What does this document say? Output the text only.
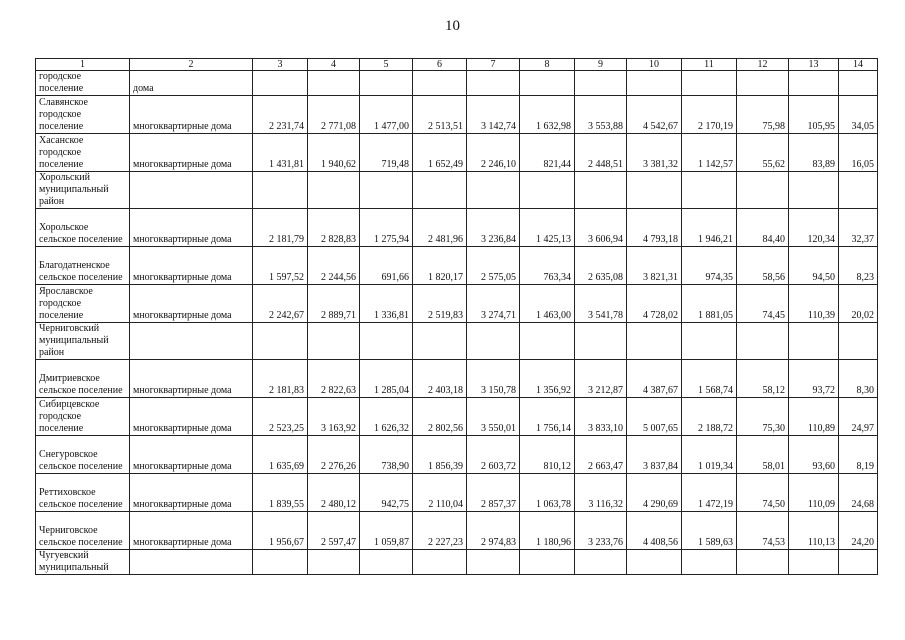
10
1	2	3	4	5	6	7	8	9	10	11	12	13	14
городское поселение	дома												
Славянское городское поселение	многоквартирные дома	2 231,74	2 771,08	1 477,00	2 513,51	3 142,74	1 632,98	3 553,88	4 542,67	2 170,19	75,98	105,95	34,05
Хасанское городское поселение	многоквартирные дома	1 431,81	1 940,62	719,48	1 652,49	2 246,10	821,44	2 448,51	3 381,32	1 142,57	55,62	83,89	16,05
Хорольский муниципальный район													
Хорольское сельское поселение	многоквартирные дома	2 181,79	2 828,83	1 275,94	2 481,96	3 236,84	1 425,13	3 606,94	4 793,18	1 946,21	84,40	120,34	32,37
Благодатненское сельское поселение	многоквартирные дома	1 597,52	2 244,56	691,66	1 820,17	2 575,05	763,34	2 635,08	3 821,31	974,35	58,56	94,50	8,23
Ярославское городское поселение	многоквартирные дома	2 242,67	2 889,71	1 336,81	2 519,83	3 274,71	1 463,00	3 541,78	4 728,02	1 881,05	74,45	110,39	20,02
Черниговский муниципальный район													
Дмитриевское сельское поселение	многоквартирные дома	2 181,83	2 822,63	1 285,04	2 403,18	3 150,78	1 356,92	3 212,87	4 387,67	1 568,74	58,12	93,72	8,30
Сибирцевское городское поселение	многоквартирные дома	2 523,25	3 163,92	1 626,32	2 802,56	3 550,01	1 756,14	3 833,10	5 007,65	2 188,72	75,30	110,89	24,97
Снегуровское сельское поселение	многоквартирные дома	1 635,69	2 276,26	738,90	1 856,39	2 603,72	810,12	2 663,47	3 837,84	1 019,34	58,01	93,60	8,19
Реттиховское сельское поселение	многоквартирные дома	1 839,55	2 480,12	942,75	2 110,04	2 857,37	1 063,78	3 116,32	4 290,69	1 472,19	74,50	110,09	24,68
Черниговское сельское поселение	многоквартирные дома	1 956,67	2 597,47	1 059,87	2 227,23	2 974,83	1 180,96	3 233,76	4 408,56	1 589,63	74,53	110,13	24,20
Чугуевский муниципальный													
